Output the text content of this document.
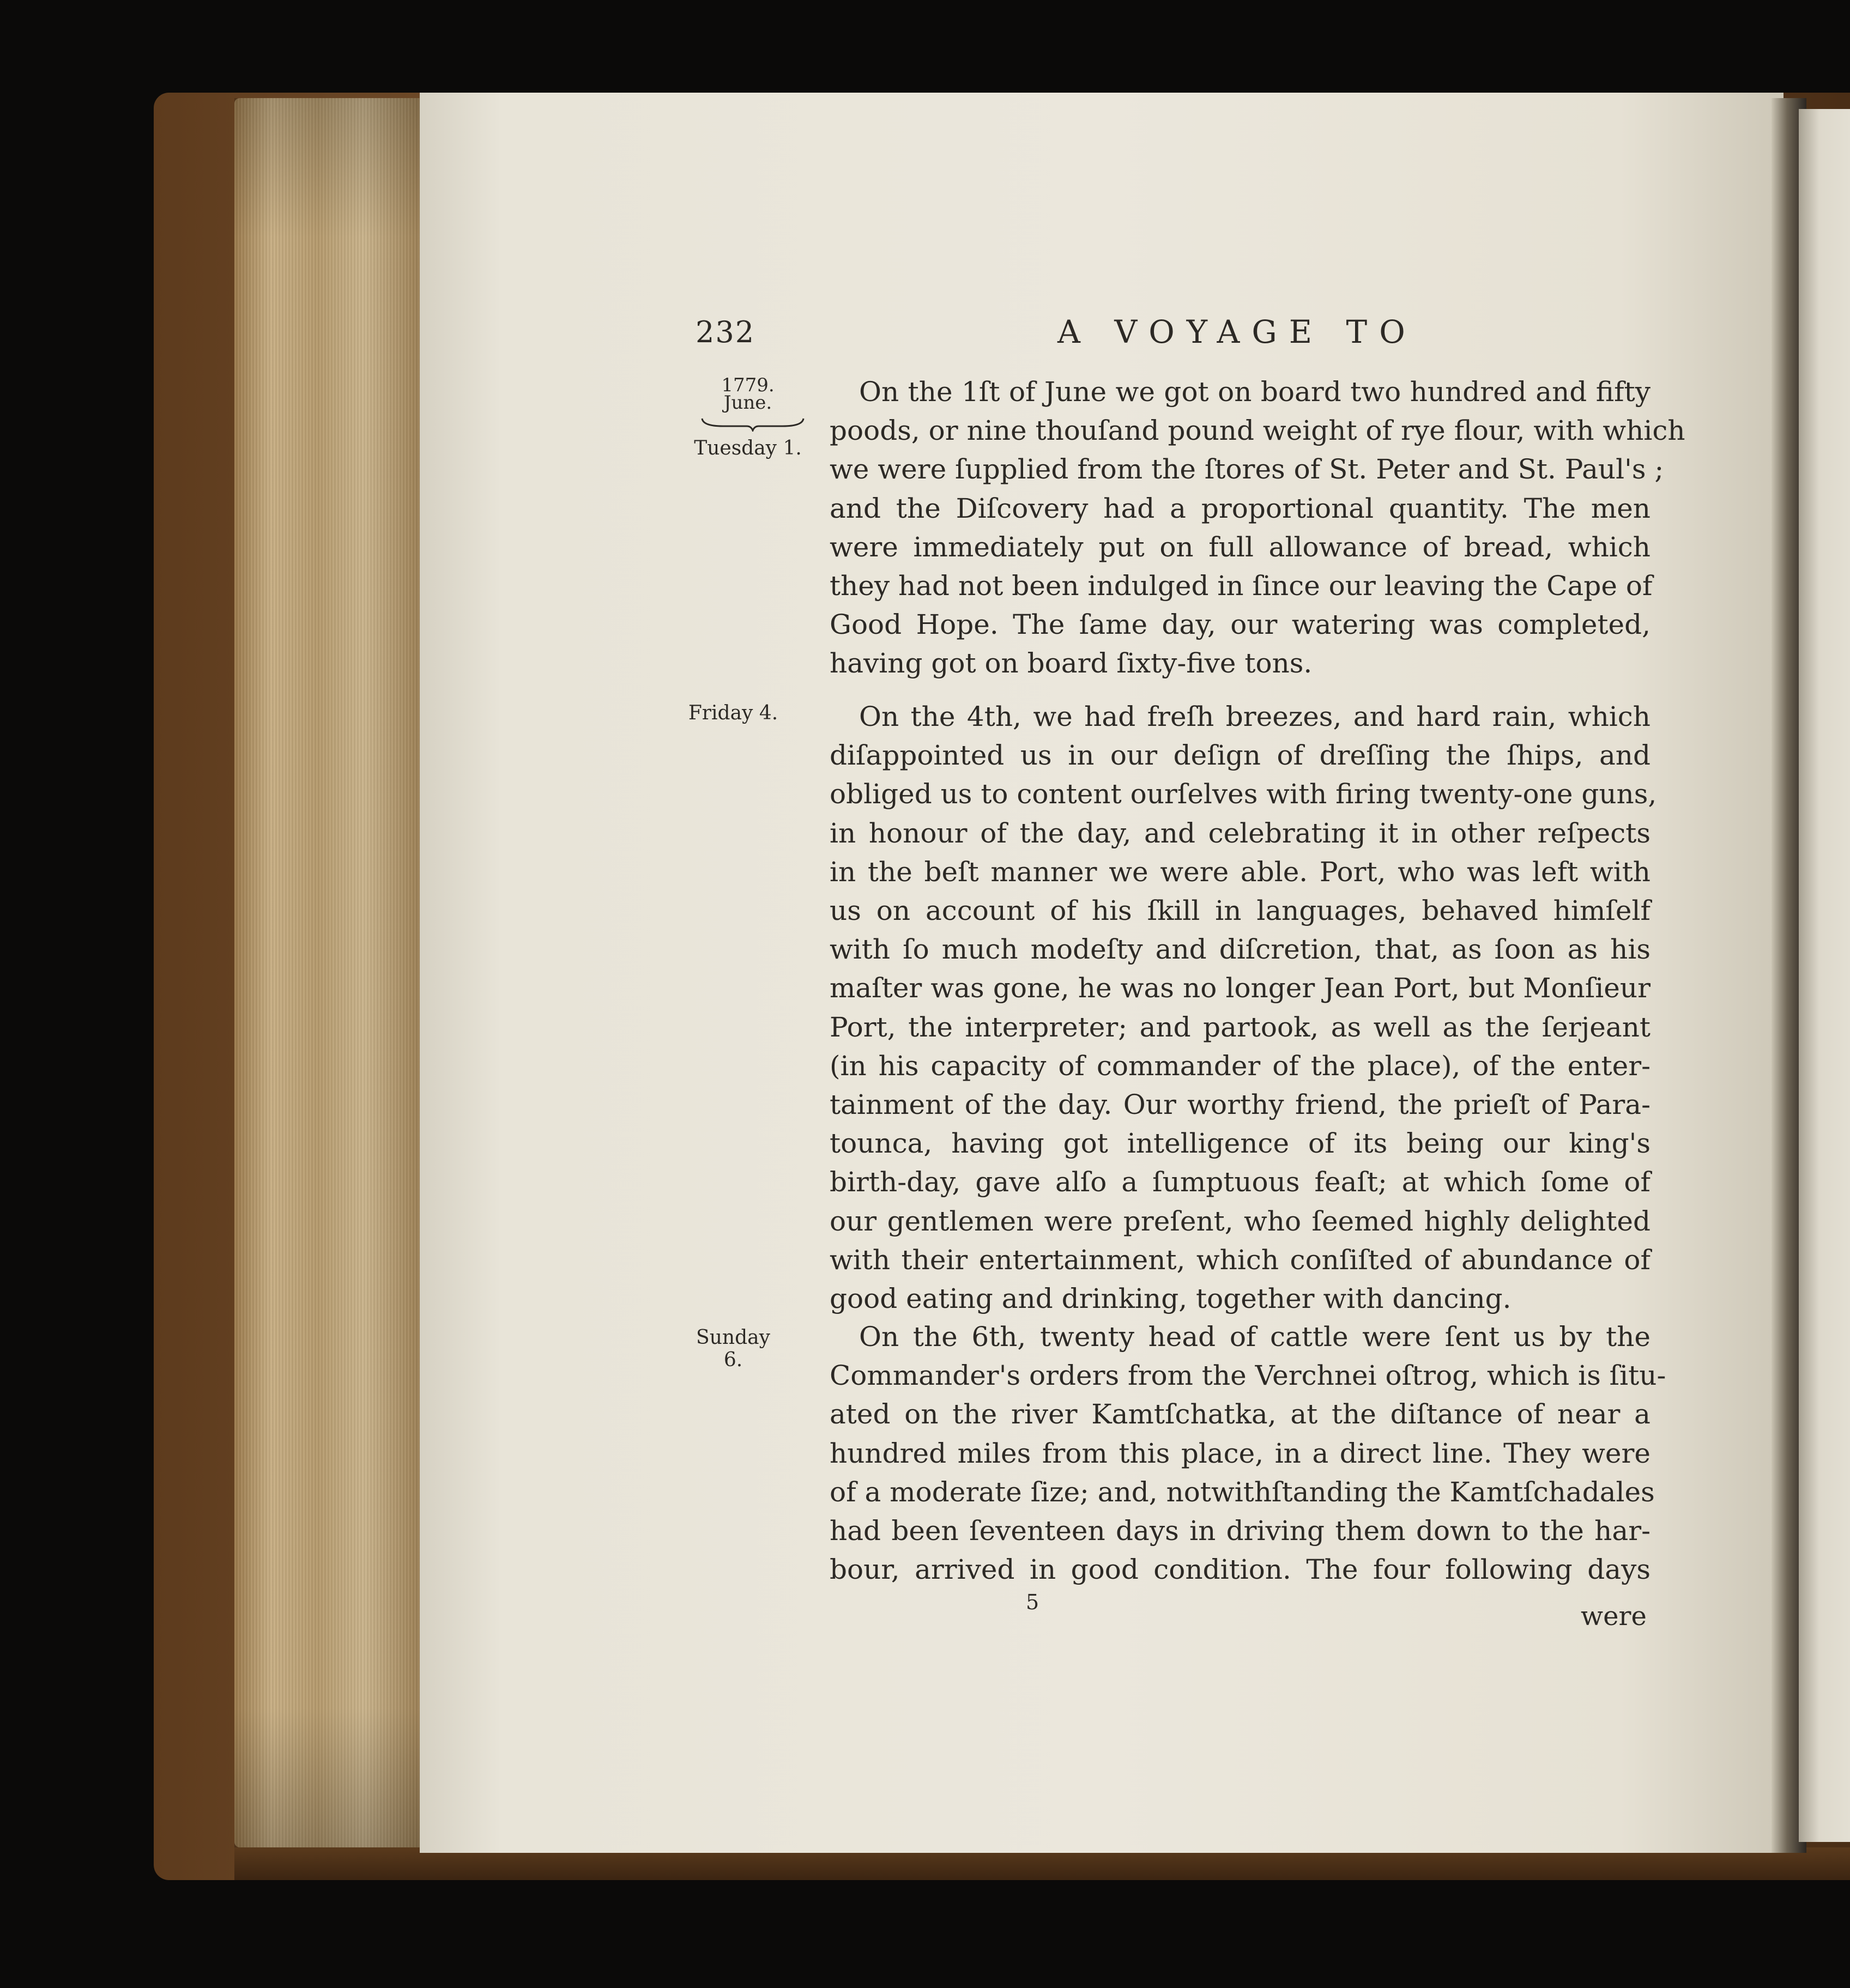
232	A VOYAGE TO
1779.
June.
Tuesday 1.
Friday 4.
Sunday 6.
On the 1ſt of June we got on board two hundred and fifty
poods, or nine thouſand pound weight of rye flour, with which
we were ſupplied from the ſtores of St. Peter and St. Paul's ;
and the Diſcovery had a proportional quantity. The men
were immediately put on full allowance of bread, which
they had not been indulged in ſince our leaving the Cape of
Good Hope. The ſame day, our watering was completed,
having got on board ſixty-five tons.
On the 4th, we had freſh breezes, and hard rain, which
diſappointed us in our deſign of dreſſing the ſhips, and
obliged us to content ourſelves with firing twenty-one guns,
in honour of the day, and celebrating it in other reſpects
in the beſt manner we were able. Port, who was left with
us on account of his ſkill in languages, behaved himſelf
with ſo much modeſty and diſcretion, that, as ſoon as his
maſter was gone, he was no longer Jean Port, but Monſieur
Port, the interpreter; and partook, as well as the ſerjeant
(in his capacity of commander of the place), of the enter-
tainment of the day. Our worthy friend, the prieſt of Para-
tounca, having got intelligence of its being our king's
birth-day, gave alſo a ſumptuous feaſt; at which ſome of
our gentlemen were preſent, who ſeemed highly delighted
with their entertainment, which conſiſted of abundance of
good eating and drinking, together with dancing.
On the 6th, twenty head of cattle were ſent us by the
Commander's orders from the Verchnei oſtrog, which is ſitu-
ated on the river Kamtſchatka, at the diſtance of near a
hundred miles from this place, in a direct line. They were
of a moderate ſize; and, notwithſtanding the Kamtſchadales
had been ſeventeen days in driving them down to the har-
bour, arrived in good condition. The four following days
5	were
